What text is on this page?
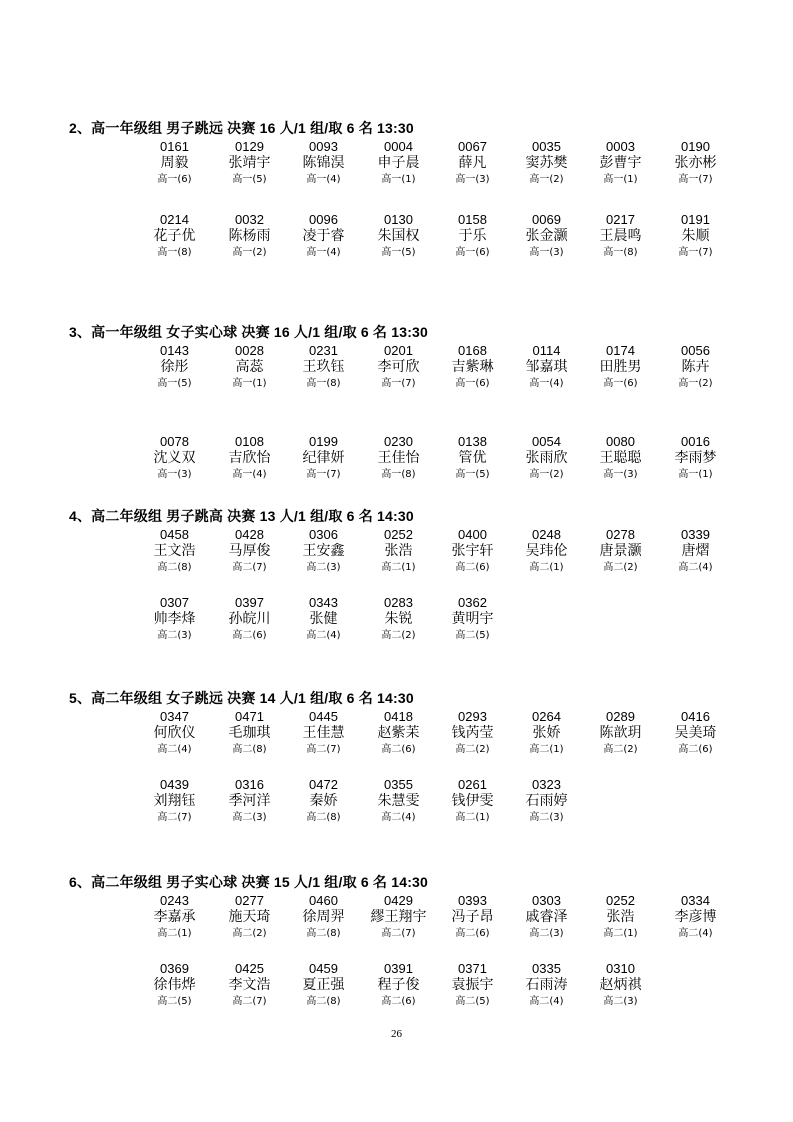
2、高一年级组 男子跳远 决赛 16 人/1 组/取 6 名 13:30
0161
周毅
高一(6)
0129
张靖宇
高一(5)
0093
陈锦淏
高一(4)
0004
申子晨
高一(1)
0067
薛凡
高一(3)
0035
窦苏樊
高一(2)
0003
彭曹宇
高一(1)
0190
张亦彬
高一(7)
0214
花子优
高一(8)
0032
陈杨雨
高一(2)
0096
凌于睿
高一(4)
0130
朱国权
高一(5)
0158
于乐
高一(6)
0069
张金灏
高一(3)
0217
王晨鸣
高一(8)
0191
朱顺
高一(7)
3、高一年级组 女子实心球 决赛 16 人/1 组/取 6 名 13:30
0143
徐彤
高一(5)
0028
高蕊
高一(1)
0231
王玖钰
高一(8)
0201
李可欣
高一(7)
0168
吉紫琳
高一(6)
0114
邹嘉琪
高一(4)
0174
田胜男
高一(6)
0056
陈卉
高一(2)
0078
沈义双
高一(3)
0108
吉欣怡
高一(4)
0199
纪律妍
高一(7)
0230
王佳怡
高一(8)
0138
管优
高一(5)
0054
张雨欣
高一(2)
0080
王聪聪
高一(3)
0016
李雨梦
高一(1)
4、高二年级组 男子跳高 决赛 13 人/1 组/取 6 名 14:30
0458
王文浩
高二(8)
0428
马厚俊
高二(7)
0306
王安鑫
高二(3)
0252
张浩
高二(1)
0400
张宇轩
高二(6)
0248
吴玮伦
高二(1)
0278
唐景灏
高二(2)
0339
唐熠
高二(4)
0307
帅李烽
高二(3)
0397
孙皖川
高二(6)
0343
张健
高二(4)
0283
朱锐
高二(2)
0362
黄明宇
高二(5)
5、高二年级组 女子跳远 决赛 14 人/1 组/取 6 名 14:30
0347
何欣仪
高二(4)
0471
毛珈琪
高二(8)
0445
王佳慧
高二(7)
0418
赵紫苿
高二(6)
0293
钱芮莹
高二(2)
0264
张娇
高二(1)
0289
陈歆玥
高二(2)
0416
吴美琦
高二(6)
0439
刘翔钰
高二(7)
0316
季河洋
高二(3)
0472
秦娇
高二(8)
0355
朱慧雯
高二(4)
0261
钱伊雯
高二(1)
0323
石雨婷
高二(3)
6、高二年级组 男子实心球 决赛 15 人/1 组/取 6 名 14:30
0243
李嘉承
高二(1)
0277
施天琦
高二(2)
0460
徐周羿
高二(8)
0429
繆王翔宇
高二(7)
0393
冯子昂
高二(6)
0303
戚睿泽
高二(3)
0252
张浩
高二(1)
0334
李彦博
高二(4)
0369
徐伟烨
高二(5)
0425
李文浩
高二(7)
0459
夏正强
高二(8)
0391
程子俊
高二(6)
0371
袁振宇
高二(5)
0335
石雨涛
高二(4)
0310
赵炳祺
高二(3)
26
